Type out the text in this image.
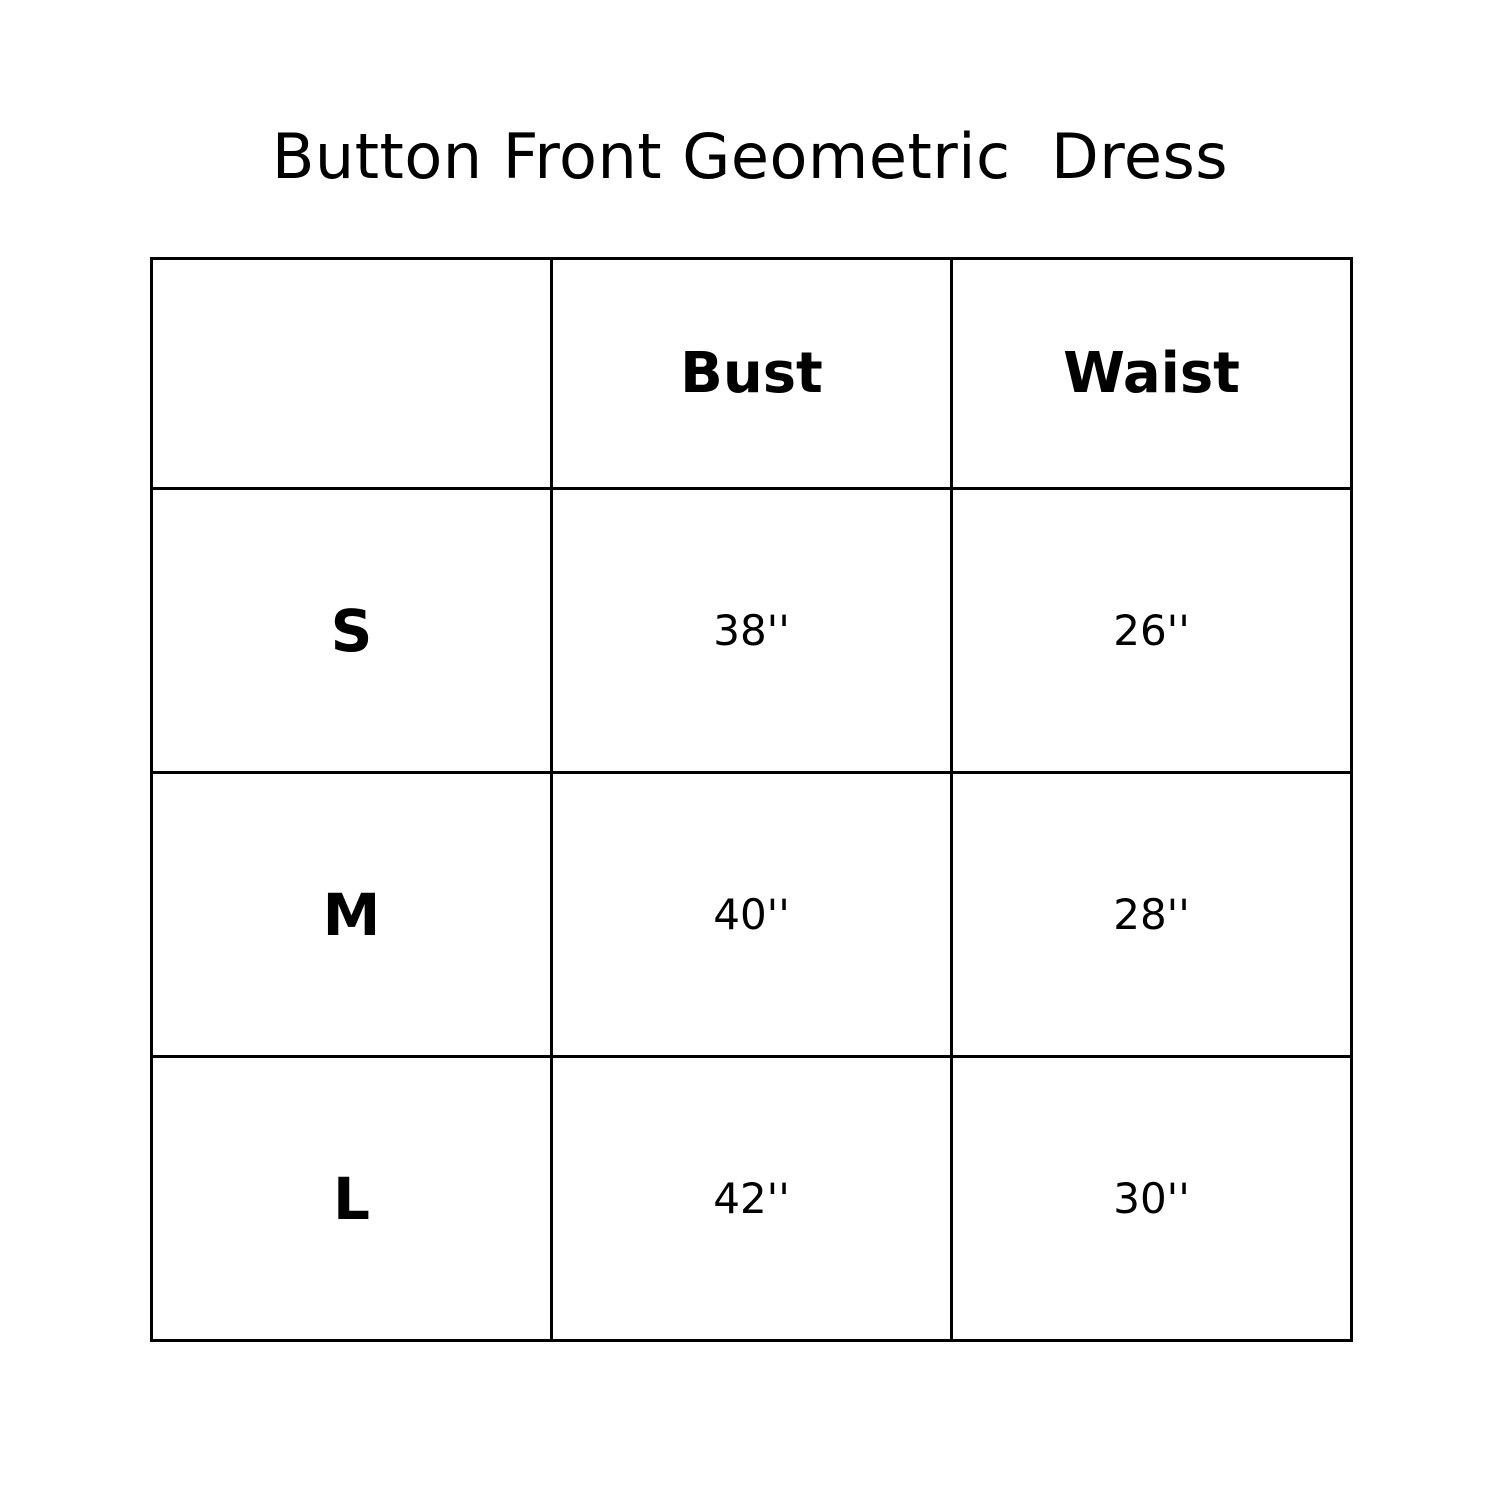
Button Front Geometric  Dress
	Bust	Waist
S	38''	26''
M	40''	28''
L	42''	30''
